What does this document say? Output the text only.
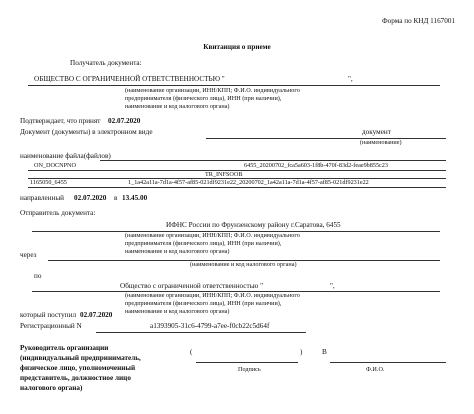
Форма по КНД 1167001
Квитанция о приеме
Получатель документа:
ОБЩЕСТВО С ОГРАНИЧЕННОЙ ОТВЕТСТВЕННОСТЬЮ "	",
(наименование организации, ИНН/КПП; Ф.И.О. индивидуального
предпринимателя (физического лица), ИНН (при наличии),
наименование и код налогового органа)
Подтверждает, что принят 02.07.2020
Документ (документы) в электронном виде	документ
(наименование)
наименование файла(файлов)
ON_DOCNPNO	6455_20200702_fca5a603-1f8b-470f-83d2-feae9b855c23
TR_INFSOOB
1165050_6455	1_1a42a11a-7d1a-4f57-af85-021df9231e22_20200702_1a42a11a-7d1a-4f57-af85-021df9231e22
направленный 02.07.2020 в 13.45.00
Отправитель документа:
ИФНС России по Фрунзенскому району г.Саратова, 6455
(наименование организации, ИНН/КПП; Ф.И.О. индивидуального
предпринимателя (физического лица), ИНН (при наличии),
наименование и код налогового органа)
через
(наименование и код налогового органа)
по
Общество с ограниченной ответственностью "	",
(наименование организации, ИНН/КПП; Ф.И.О. индивидуального
предпринимателя (физического лица), ИНН (при наличии),
наименование и код налогового органа)
который поступил 02.07.2020
Регистрационный N	a1393905-31c6-4799-a7ee-f0cb22c5d64f
Руководитель организации
(индивидуальный предприниматель,
физическое лицо, уполномоченный
представитель, должностное лицо
налогового органа)
(	)	В
Подпись	Ф.И.О.
